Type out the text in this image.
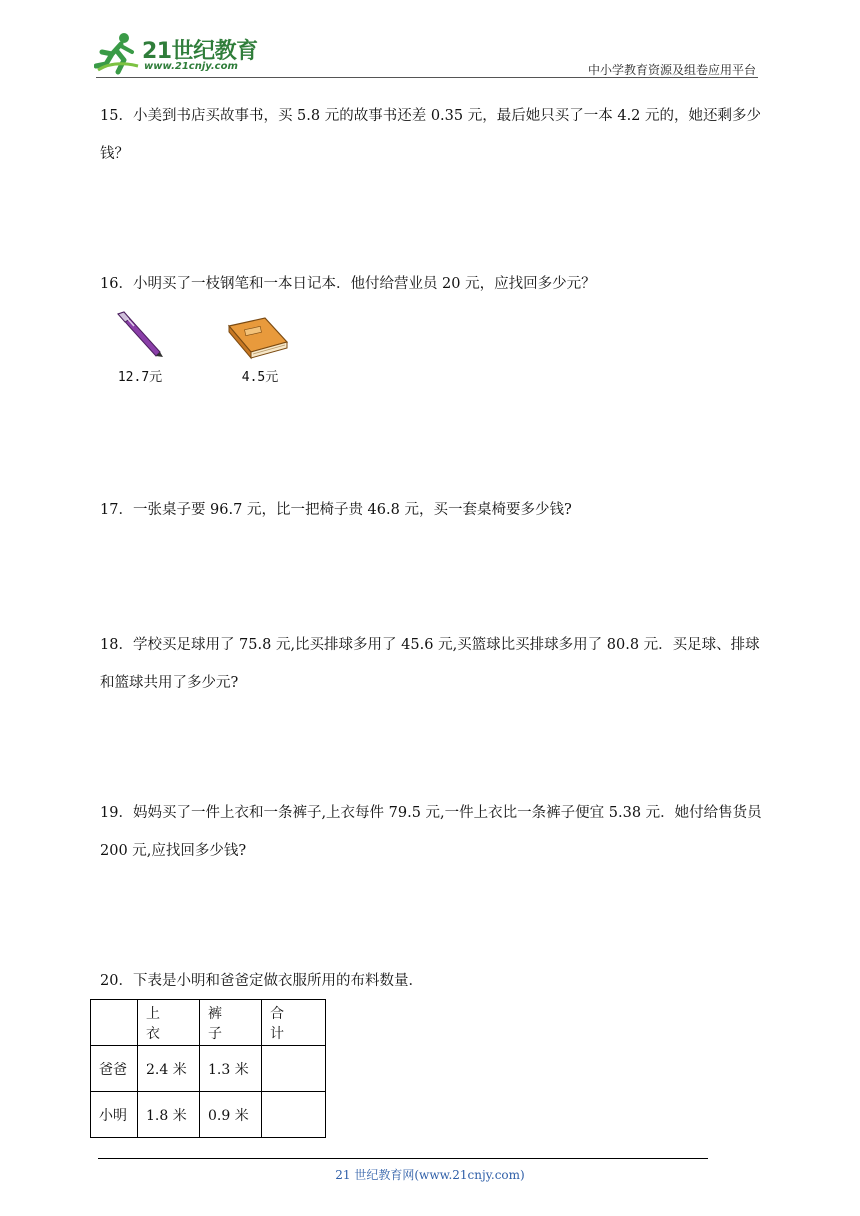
21世纪教育
www.21cnjy.com	中小学教育资源及组卷应用平台
15．小美到书店买故事书，买 5.8 元的故事书还差 0.35 元，最后她只买了一本 4.2 元的，她还剩多少钱？
16．小明买了一枝钢笔和一本日记本．他付给营业员 20 元，应找回多少元？
12.7元	4.5元
17．一张桌子要 96.7 元，比一把椅子贵 46.8 元，买一套桌椅要多少钱?
18．学校买足球用了 75.8 元,比买排球多用了 45.6 元,买篮球比买排球多用了 80.8 元．买足球、排球和篮球共用了多少元?
19．妈妈买了一件上衣和一条裤子,上衣每件 79.5 元,一件上衣比一条裤子便宜 5.38 元．她付给售货员 200 元,应找回多少钱?
20．下表是小明和爸爸定做衣服所用的布料数量．
	上衣	裤子	合计
爸爸	2.4 米	1.3 米	
小明	1.8 米	0.9 米	
21 世纪教育网(www.21cnjy.com)
